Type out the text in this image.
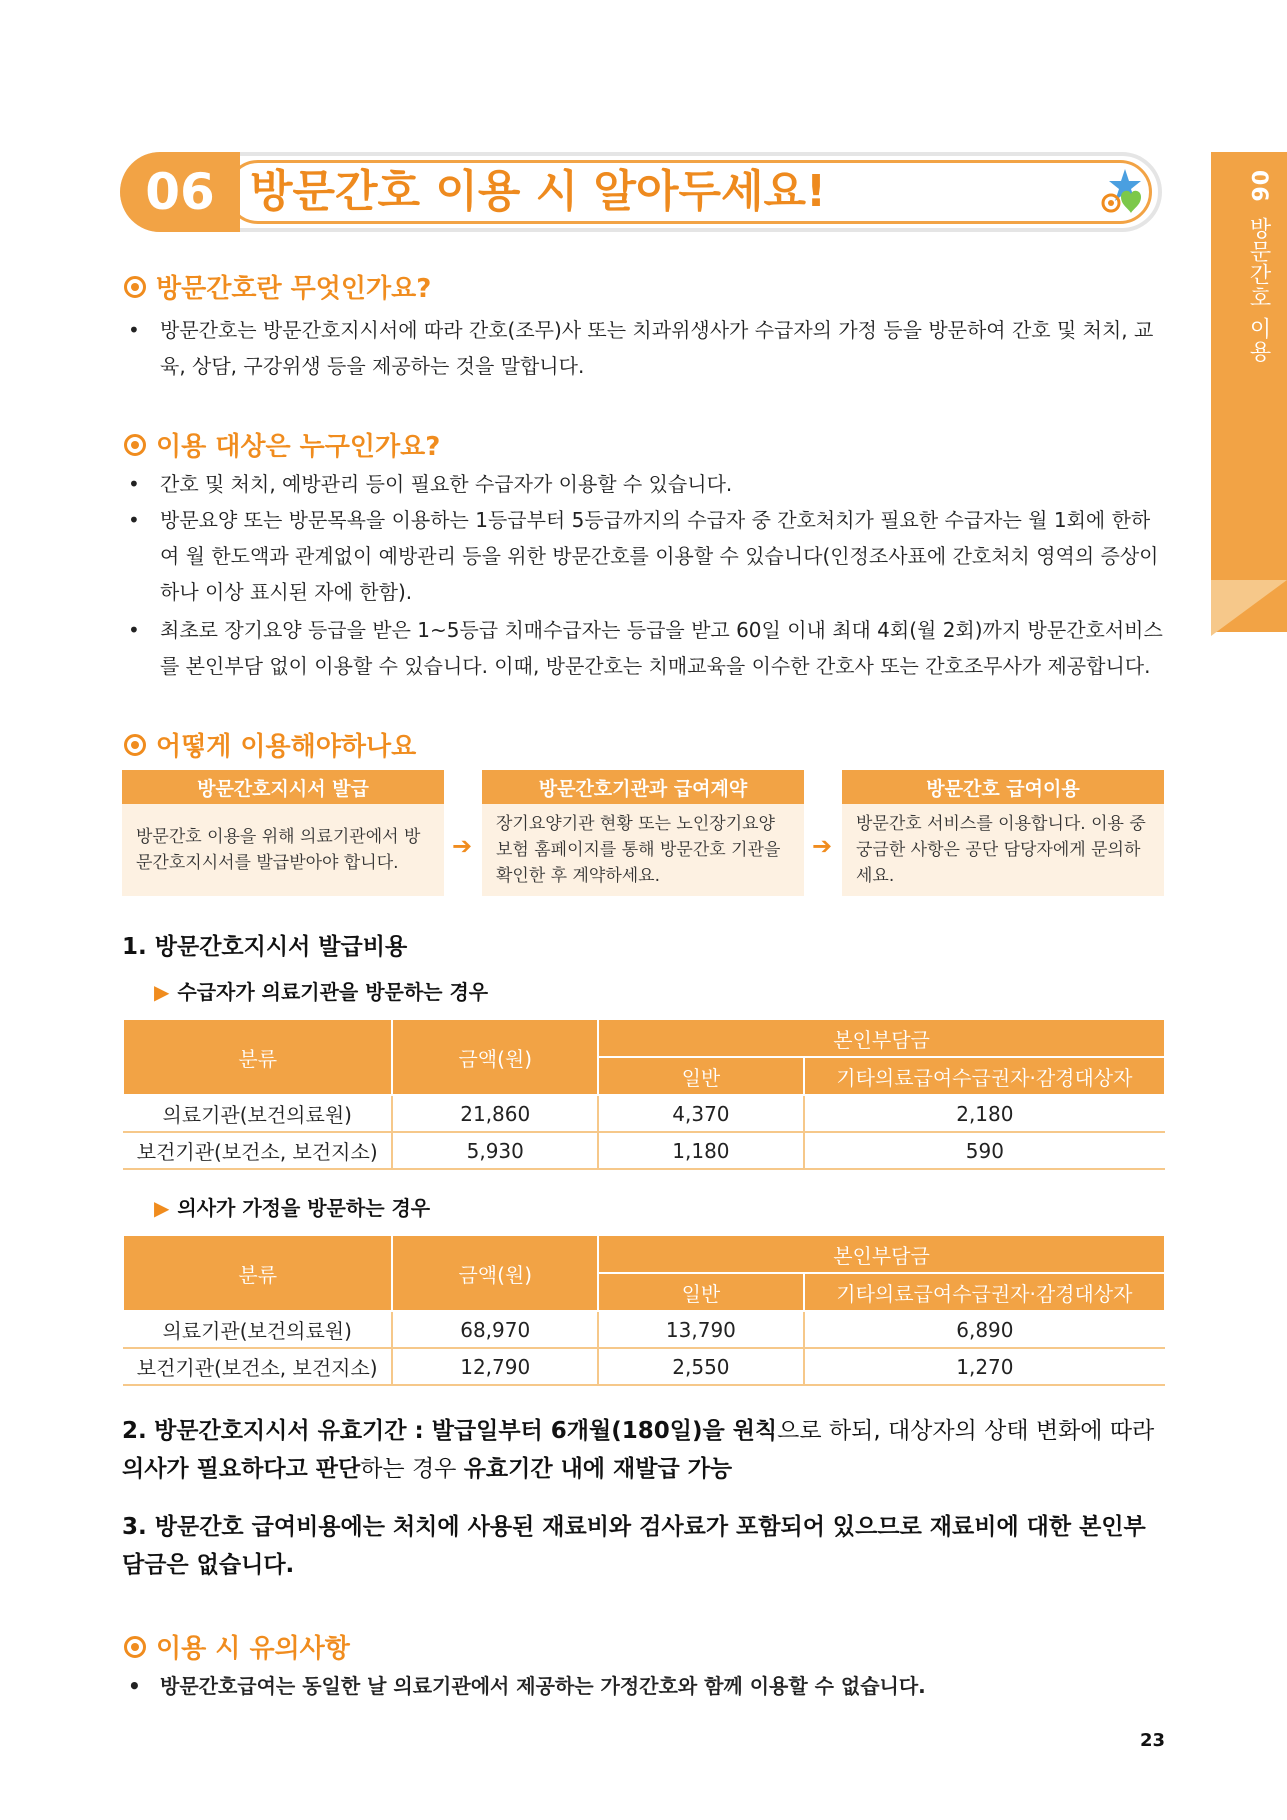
06 방문간호 이용
06 방문간호 이용 시 알아두세요!
방문간호란 무엇인가요?
• 방문간호는 방문간호지시서에 따라 간호(조무)사 또는 치과위생사가 수급자의 가정 등을 방문하여 간호 및 처치, 교육, 상담, 구강위생 등을 제공하는 것을 말합니다.
이용 대상은 누구인가요?
• 간호 및 처치, 예방관리 등이 필요한 수급자가 이용할 수 있습니다.
• 방문요양 또는 방문목욕을 이용하는 1등급부터 5등급까지의 수급자 중 간호처치가 필요한 수급자는 월 1회에 한하여 월 한도액과 관계없이 예방관리 등을 위한 방문간호를 이용할 수 있습니다(인정조사표에 간호처치 영역의 증상이 하나 이상 표시된 자에 한함).
• 최초로 장기요양 등급을 받은 1~5등급 치매수급자는 등급을 받고 60일 이내 최대 4회(월 2회)까지 방문간호서비스를 본인부담 없이 이용할 수 있습니다. 이때, 방문간호는 치매교육을 이수한 간호사 또는 간호조무사가 제공합니다.
어떻게 이용해야하나요
방문간호지시서 발급
방문간호 이용을 위해 의료기관에서 방문간호지시서를 발급받아야 합니다.
➔
방문간호기관과 급여계약
장기요양기관 현황 또는 노인장기요양 보험 홈페이지를 통해 방문간호 기관을 확인한 후 계약하세요.
➔
방문간호 급여이용
방문간호 서비스를 이용합니다. 이용 중 궁금한 사항은 공단 담당자에게 문의하세요.
1. 방문간호지시서 발급비용
▶ 수급자가 의료기관을 방문하는 경우
분류	금액(원)	본인부담금	
		일반	기타의료급여수급권자·감경대상자
의료기관(보건의료원)	21,860	4,370	2,180
보건기관(보건소, 보건지소)	5,930	1,180	590
▶ 의사가 가정을 방문하는 경우
분류	금액(원)	본인부담금	
		일반	기타의료급여수급권자·감경대상자
의료기관(보건의료원)	68,970	13,790	6,890
보건기관(보건소, 보건지소)	12,790	2,550	1,270
2. 방문간호지시서 유효기간 : 발급일부터 6개월(180일)을 원칙으로 하되, 대상자의 상태 변화에 따라 의사가 필요하다고 판단하는 경우 유효기간 내에 재발급 가능
3. 방문간호 급여비용에는 처치에 사용된 재료비와 검사료가 포함되어 있으므로 재료비에 대한 본인부담금은 없습니다.
이용 시 유의사항
• 방문간호급여는 동일한 날 의료기관에서 제공하는 가정간호와 함께 이용할 수 없습니다.
23
